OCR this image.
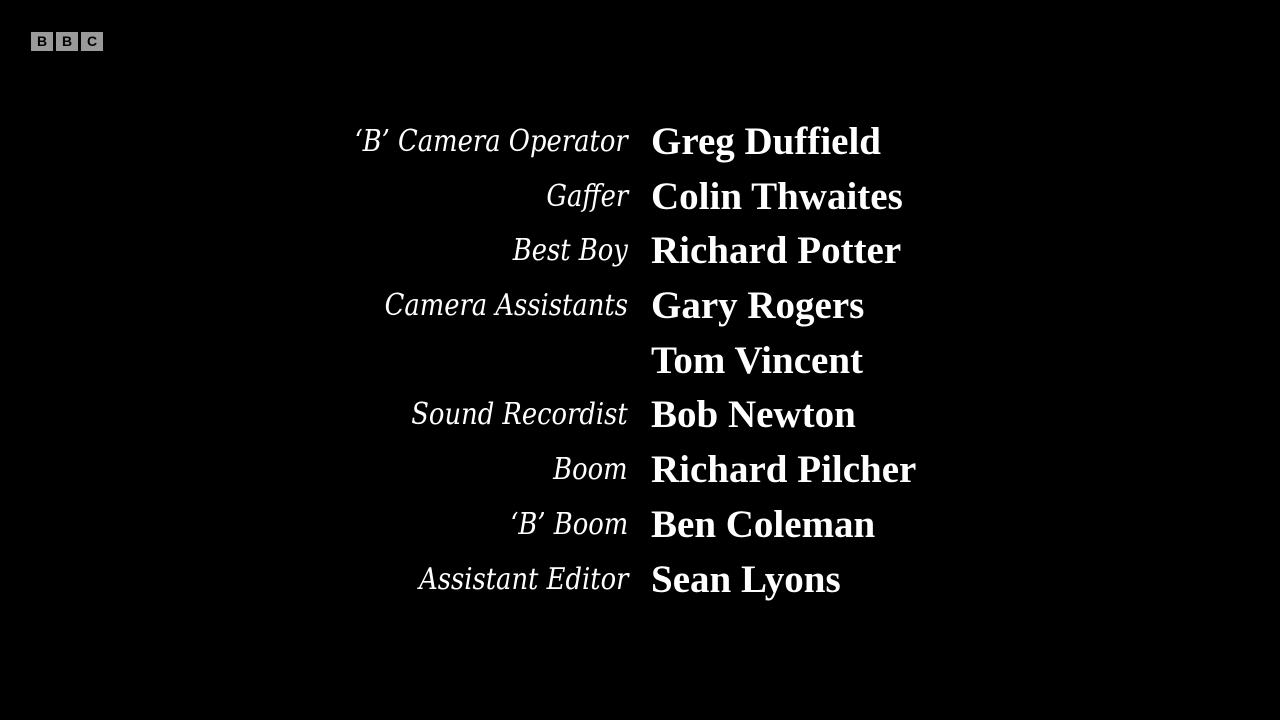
B	B	C
‘B’ Camera Operator Greg Duffield
Gaffer Colin Thwaites
Best Boy Richard Potter
Camera Assistants Gary Rogers
Tom Vincent
Sound Recordist Bob Newton
Boom Richard Pilcher
‘B’ Boom Ben Coleman
Assistant Editor Sean Lyons
